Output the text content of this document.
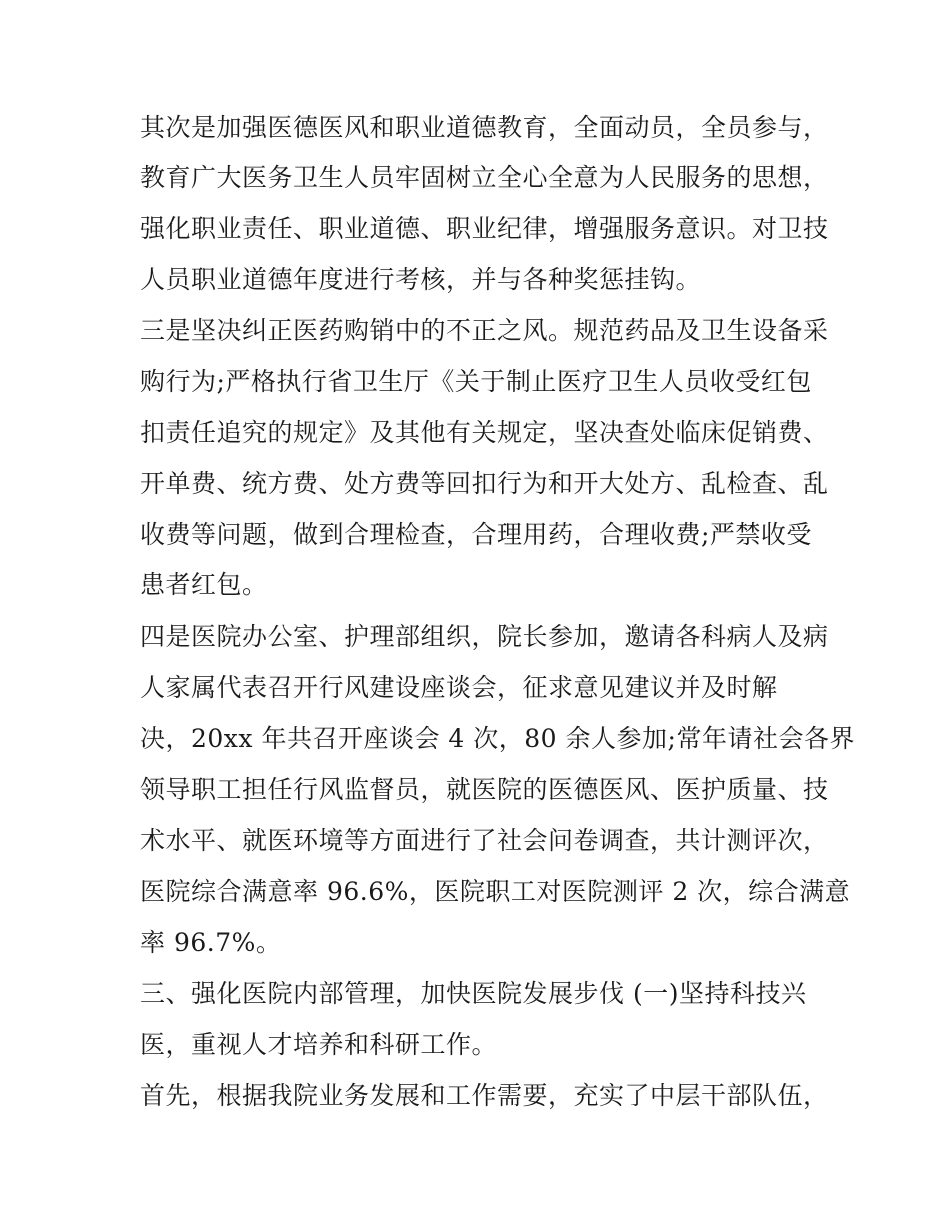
其次是加强医德医风和职业道德教育，全面动员，全员参与，
教育广大医务卫生人员牢固树立全心全意为人民服务的思想，
强化职业责任、职业道德、职业纪律，增强服务意识。对卫技
人员职业道德年度进行考核，并与各种奖惩挂钩。
三是坚决纠正医药购销中的不正之风。规范药品及卫生设备采
购行为;严格执行省卫生厅《关于制止医疗卫生人员收受红包
扣责任追究的规定》及其他有关规定，坚决查处临床促销费、
开单费、统方费、处方费等回扣行为和开大处方、乱检查、乱
收费等问题，做到合理检查，合理用药，合理收费;严禁收受
患者红包。
四是医院办公室、护理部组织，院长参加，邀请各科病人及病
人家属代表召开行风建设座谈会，征求意见建议并及时解
决，20xx 年共召开座谈会 4 次，80 余人参加;常年请社会各界
领导职工担任行风监督员，就医院的医德医风、医护质量、技
术水平、就医环境等方面进行了社会问卷调查，共计测评次，
医院综合满意率 96.6%，医院职工对医院测评 2 次，综合满意
率 96.7%。
三、强化医院内部管理，加快医院发展步伐 (一)坚持科技兴
医，重视人才培养和科研工作。
首先，根据我院业务发展和工作需要，充实了中层干部队伍，
